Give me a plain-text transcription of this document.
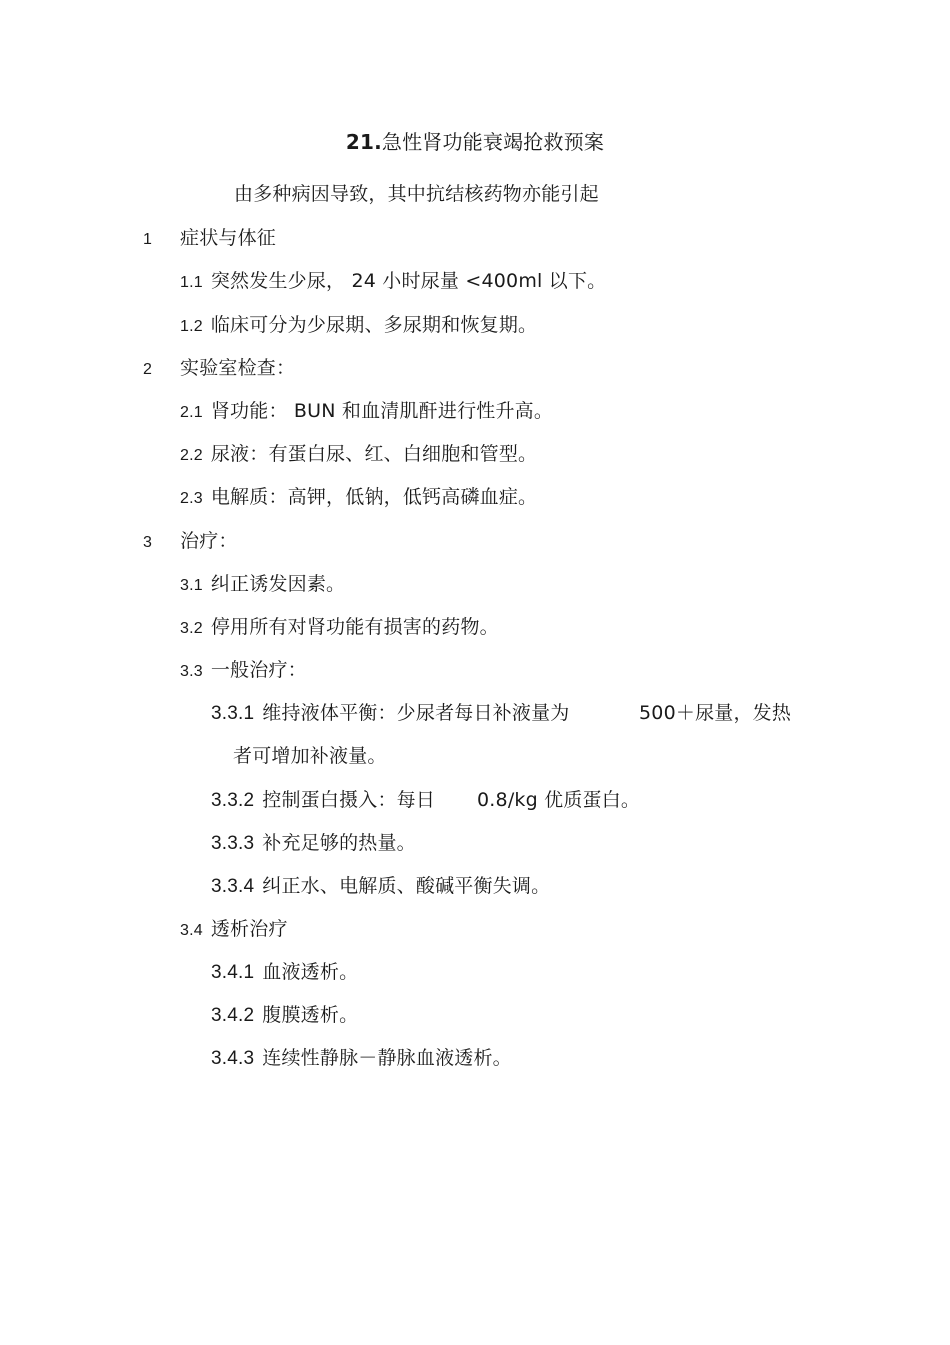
21.急性肾功能衰竭抢救预案
由多种病因导致，其中抗结核药物亦能引起
1 症状与体征
1.1 突然发生少尿， 24 小时尿量 <400ml 以下。
1.2 临床可分为少尿期、多尿期和恢复期。
2 实验室检查：
2.1 肾功能： BUN 和血清肌酐进行性升高。
2.2 尿液：有蛋白尿、红、白细胞和管型。
2.3 电解质：高钾，低钠，低钙高磷血症。
3 治疗：
3.1 纠正诱发因素。
3.2 停用所有对肾功能有损害的药物。
3.3 一般治疗：
3.3.1 维持液体平衡：少尿者每日补液量为	500＋尿量，发热
者可增加补液量。
3.3.2 控制蛋白摄入：每日 0.8/kg 优质蛋白。
3.3.3 补充足够的热量。
3.3.4 纠正水、电解质、酸碱平衡失调。
3.4 透析治疗
3.4.1 血液透析。
3.4.2 腹膜透析。
3.4.3 连续性静脉－静脉血液透析。
